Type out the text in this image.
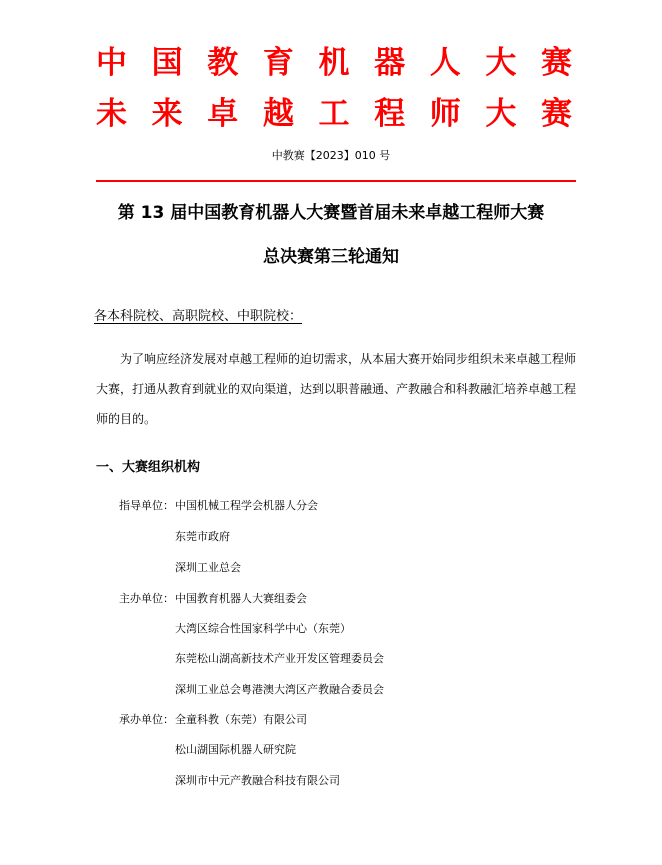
中国教育机器人大赛
未来卓越工程师大赛
中教赛【2023】010 号
第 13 届中国教育机器人大赛暨首届未来卓越工程师大赛
总决赛第三轮通知
各本科院校、高职院校、中职院校：
为了响应经济发展对卓越工程师的迫切需求，从本届大赛开始同步组织未来卓越工程师大赛，打通从教育到就业的双向渠道，达到以职普融通、产教融合和科教融汇培养卓越工程师的目的。
一、大赛组织机构
指导单位：中国机械工程学会机器人分会
东莞市政府
深圳工业总会
主办单位：中国教育机器人大赛组委会
大湾区综合性国家科学中心（东莞）
东莞松山湖高新技术产业开发区管理委员会
深圳工业总会粤港澳大湾区产教融合委员会
承办单位：全童科教（东莞）有限公司
松山湖国际机器人研究院
深圳市中元产教融合科技有限公司
